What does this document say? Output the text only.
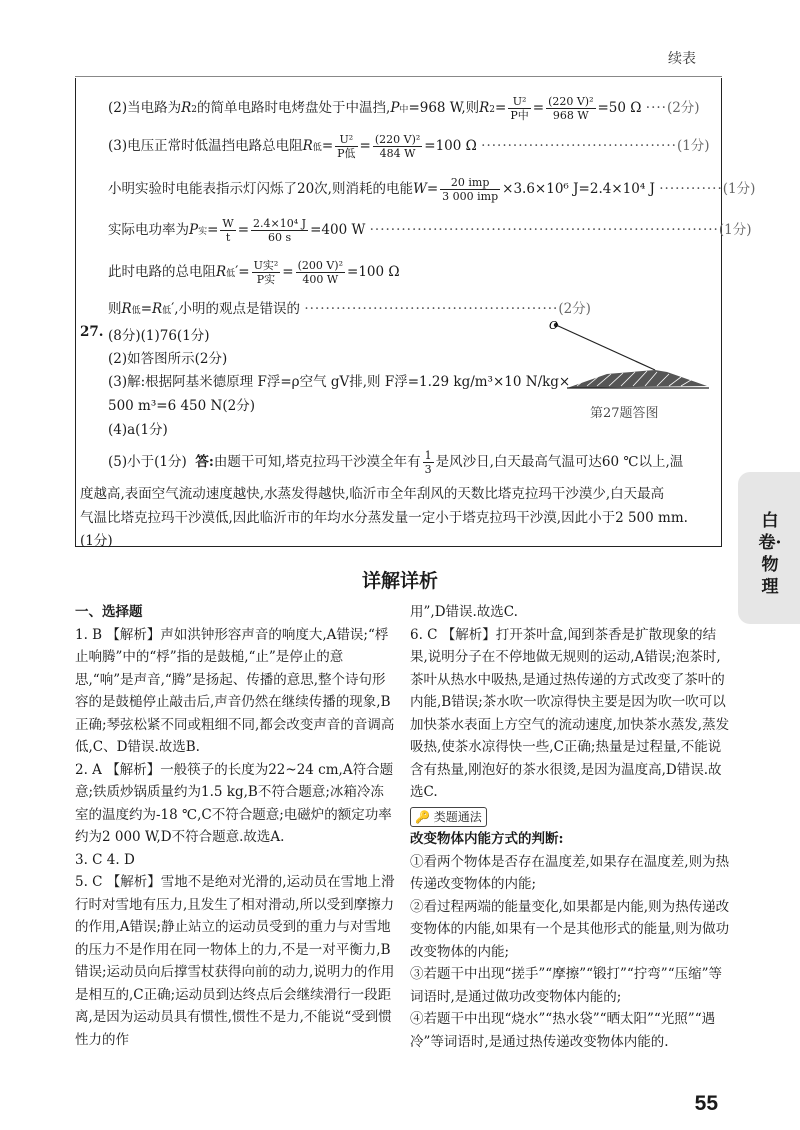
续表
(2)当电路为R2的简单电路时电烤盘处于中温挡,P中=968 W,则$R2= \frac{\text{U²}}{\text{P中}} = \frac{\text{(220 V)²}}{968 W} =50$ Ω ····(2分)
(3)电压正常时低温挡电路总电阻R低= $\frac{\text{U²}}{\text{P低}} = \frac{\text{(220 V)²}}{484 W} =100$ Ω ·····································(1分)
小明实验时电能表指示灯闪烁了20次,则消耗的电能$W= \frac{\text{20 imp}}{\text{3 000 imp}} \times 3.6\times 10^6$ J=2.4×10⁴ J ············(1分)
实际电功率为P实= $\frac{W}{t} = \frac{\text{2.4×10⁴ J}}{60 s} =400$ W ··································································(1分)
此时电路的总电阻R低′= $\frac{\text{U实²}}{\text{P实}} = \frac{\text{(200 V)²}}{400 W} =100$ Ω
则R低=R低′,小明的观点是错误的 ················································(2分)
27. (8分)(1)76(1分)
(2)如答图所示(2分)
(3)解:根据阿基米德原理 F浮=ρ空气 gV排,则 F浮=1.29 kg/m³×10 N/kg×
500 m³=6 450 N(2分)
(4)a(1分)
(5)小于(1分) 答:由题干可知,塔克拉玛干沙漠全年有 $\frac{1}{3}$ 是风沙日,白天最高气温可达60 ℃以上,温
度越高,表面空气流动速度越快,水蒸发得越快,临沂市全年刮风的天数比塔克拉玛干沙漠少,白天最高
气温比塔克拉玛干沙漠低,因此临沂市的年均水分蒸发量一定小于塔克拉玛干沙漠,因此小于2 500 mm.
(1分)
O
第27题答图
白卷·物理
详解详析
一、选择题
1. B 【解析】声如洪钟形容声音的响度大,A错误;“桴止响腾”中的“桴”指的是鼓槌,“止”是停止的意思,“响”是声音,“腾”是扬起、传播的意思,整个诗句形容的是鼓槌停止敲击后,声音仍然在继续传播的现象,B正确;琴弦松紧不同或粗细不同,都会改变声音的音调高低,C、D错误.故选B.
2. A 【解析】一般筷子的长度为22~24 cm,A符合题意;铁质炒锅质量约为1.5 kg,B不符合题意;冰箱冷冻室的温度约为-18 ℃,C不符合题意;电磁炉的额定功率约为2 000 W,D不符合题意.故选A.
3. C 4. D
5. C 【解析】雪地不是绝对光滑的,运动员在雪地上滑行时对雪地有压力,且发生了相对滑动,所以受到摩擦力的作用,A错误;静止站立的运动员受到的重力与对雪地的压力不是作用在同一物体上的力,不是一对平衡力,B错误;运动员向后撑雪杖获得向前的动力,说明力的作用是相互的,C正确;运动员到达终点后会继续滑行一段距离,是因为运动员具有惯性,惯性不是力,不能说“受到惯性力的作
用”,D错误.故选C.
6. C 【解析】打开茶叶盒,闻到茶香是扩散现象的结果,说明分子在不停地做无规则的运动,A错误;泡茶时,茶叶从热水中吸热,是通过热传递的方式改变了茶叶的内能,B错误;茶水吹一吹凉得快主要是因为吹一吹可以加快茶水表面上方空气的流动速度,加快茶水蒸发,蒸发吸热,使茶水凉得快一些,C正确;热量是过程量,不能说含有热量,刚泡好的茶水很烫,是因为温度高,D错误.故选C.
🔑 类题通法
改变物体内能方式的判断:
①看两个物体是否存在温度差,如果存在温度差,则为热传递改变物体的内能;
②看过程两端的能量变化,如果都是内能,则为热传递改变物体的内能,如果有一个是其他形式的能量,则为做功改变物体的内能;
③若题干中出现“搓手”“摩擦”“锻打”“拧弯”“压缩”等词语时,是通过做功改变物体内能的;
④若题干中出现“烧水”“热水袋”“晒太阳”“光照”“遇冷”等词语时,是通过热传递改变物体内能的.
55
